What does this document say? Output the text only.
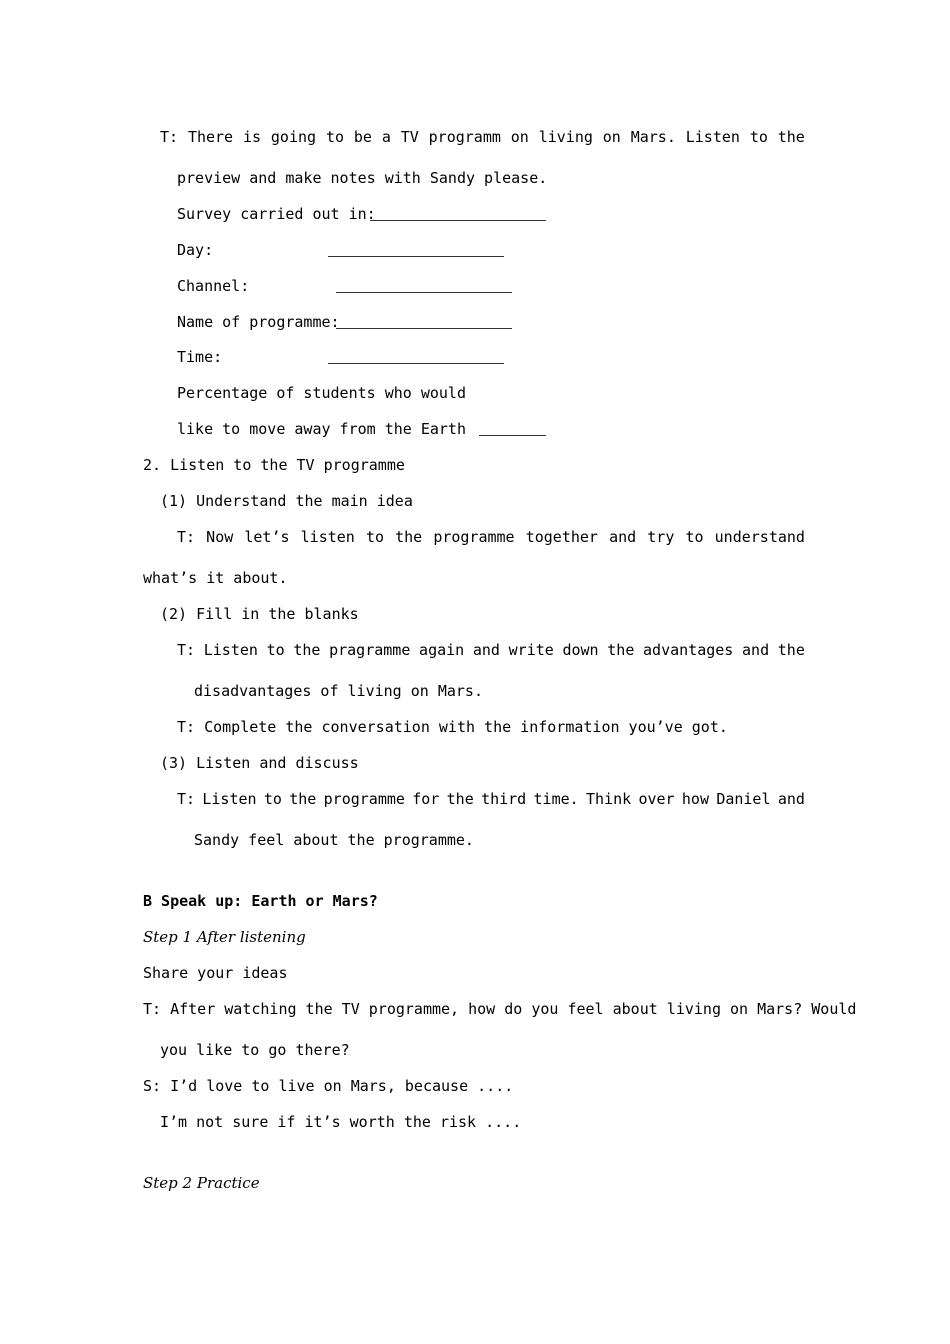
T: There is going to be a TV programm on living on Mars. Listen to the
preview and make notes with Sandy please.
Survey carried out in:
Day:
Channel:
Name of programme:
Time:
Percentage of students who would
like to move away from the Earth
2. Listen to the TV programme
(1) Understand the main idea
T: Now let’s listen to the programme together and try to understand
what’s it about.
(2) Fill in the blanks
T: Listen to the pragramme again and write down the advantages and the
disadvantages of living on Mars.
T: Complete the conversation with the information you’ve got.
(3) Listen and discuss
T: Listen to the programme for the third time. Think over how Daniel and
Sandy feel about the programme.
B Speak up: Earth or Mars?
Step 1 After listening
Share your ideas
T: After watching the TV programme, how do you feel about living on Mars? Would
you like to go there?
S: I’d love to live on Mars, because ....
I’m not sure if it’s worth the risk ....
Step 2 Practice
